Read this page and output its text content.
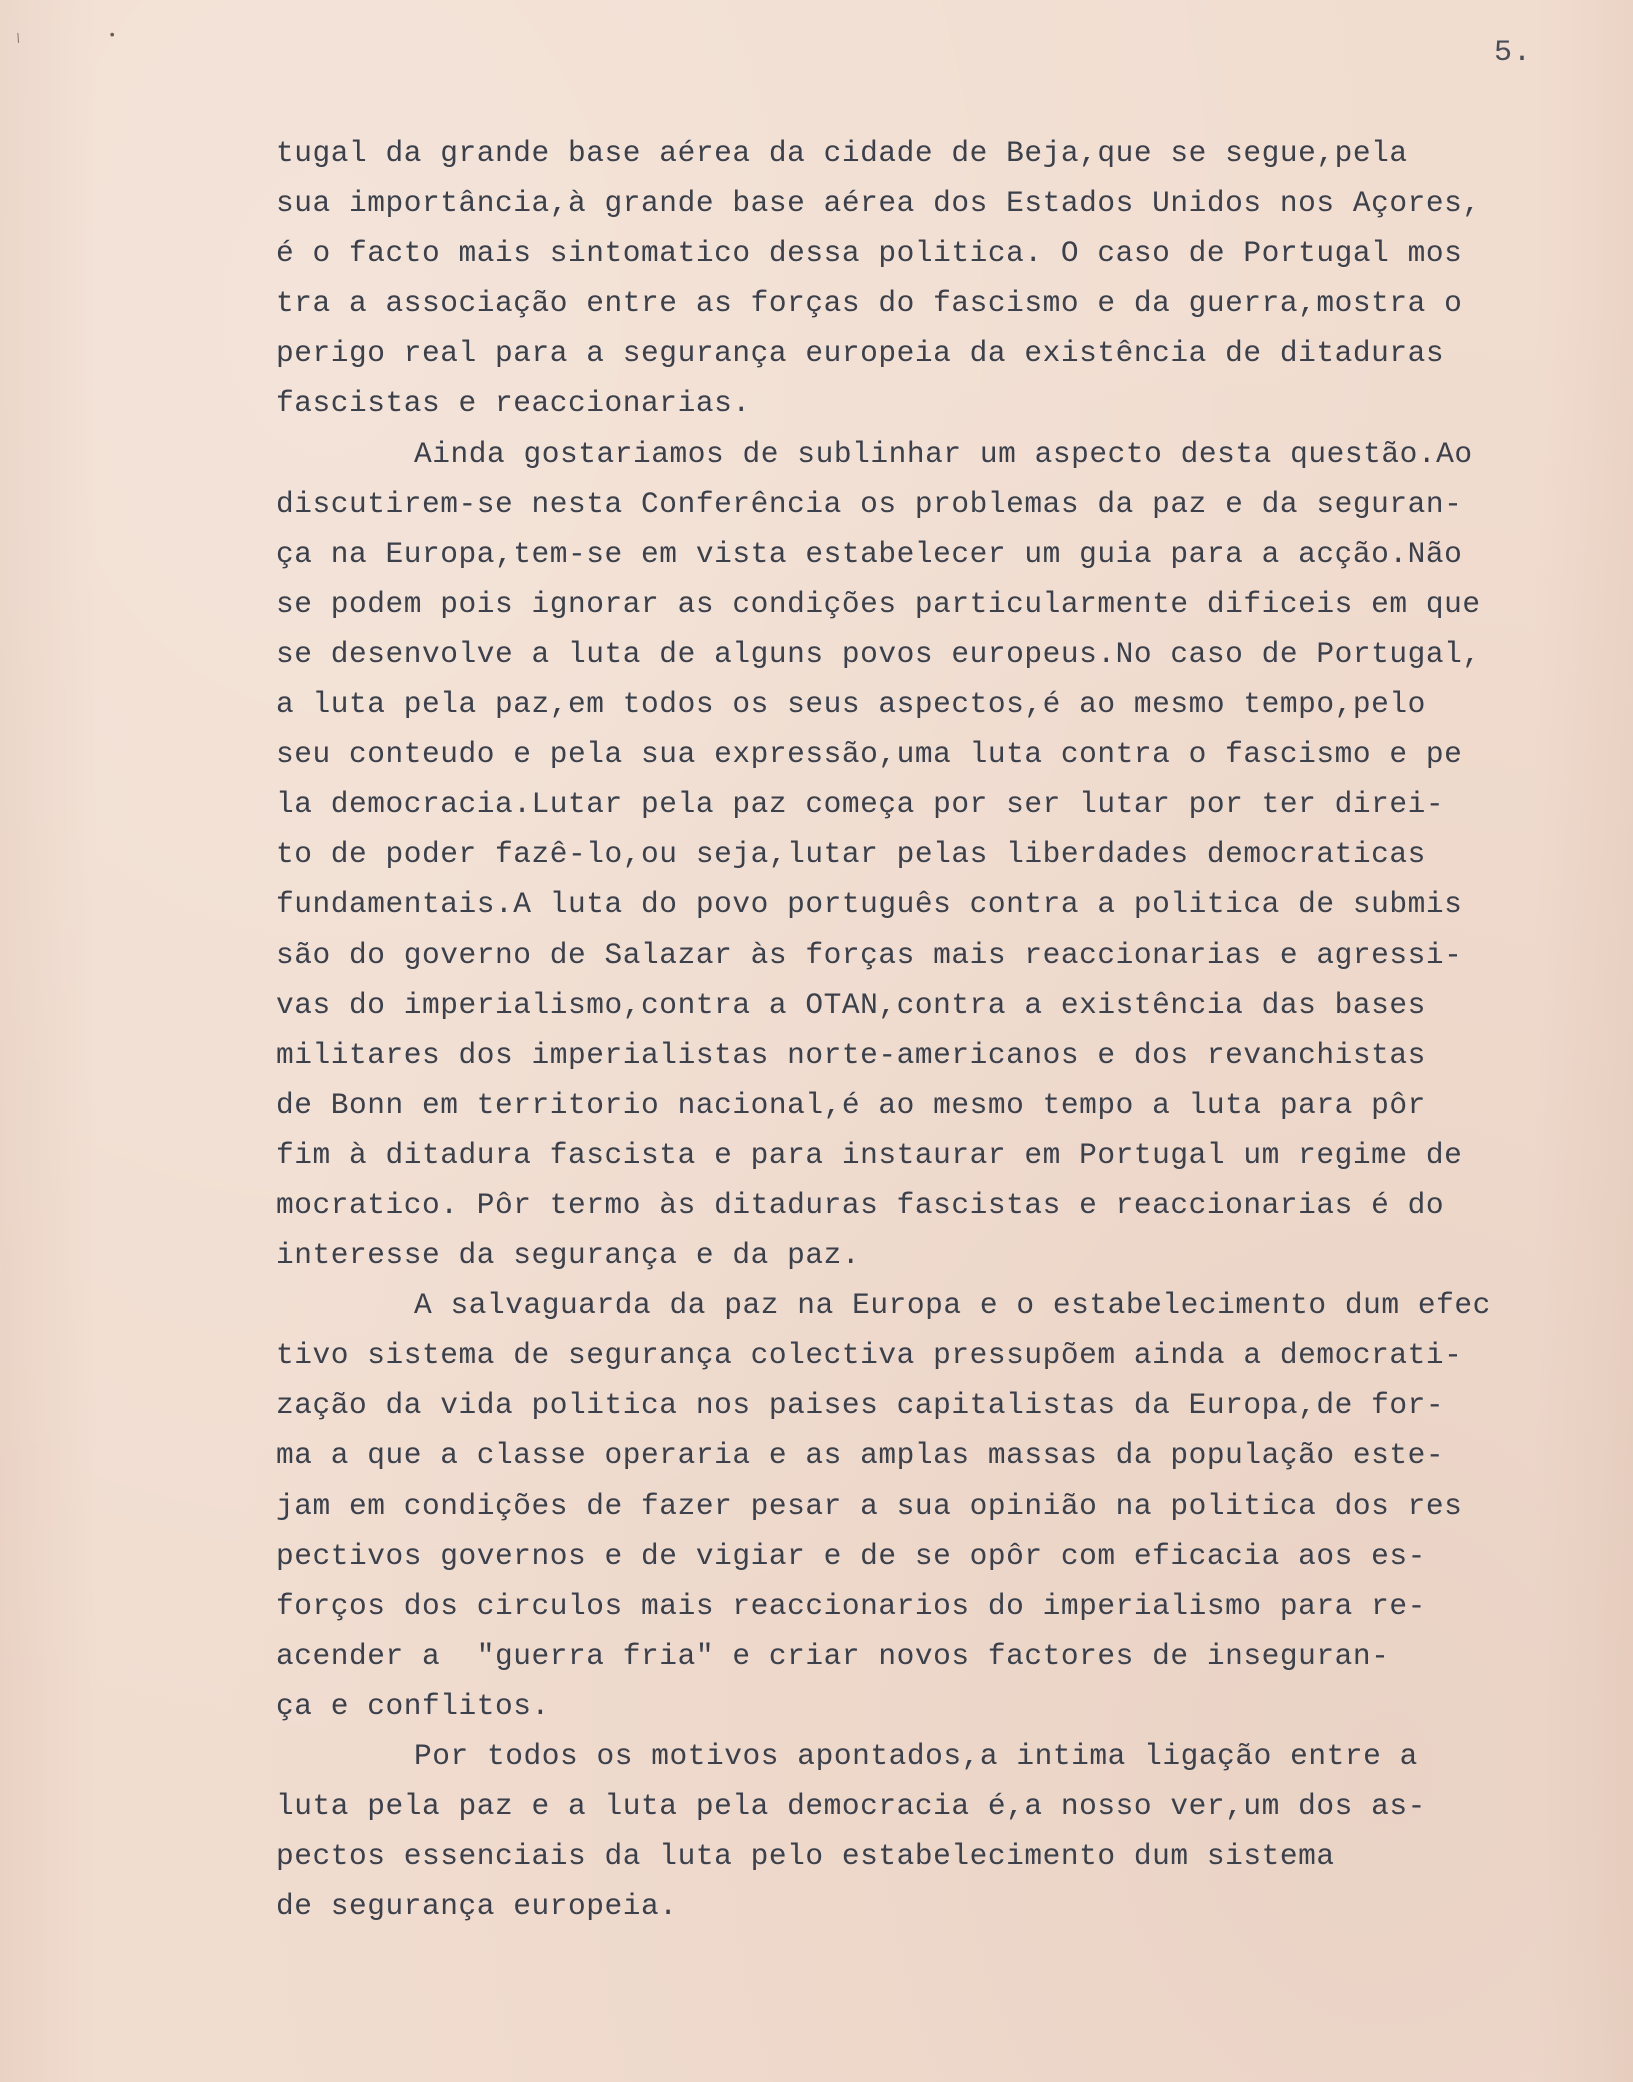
\	•	5.
tugal da grande base aérea da cidade de Beja,que se segue,pela
sua importância,à grande base aérea dos Estados Unidos nos Açores,
é o facto mais sintomatico dessa politica. O caso de Portugal mos
tra a associação entre as forças do fascismo e da guerra,mostra o
perigo real para a segurança europeia da existência de ditaduras
fascistas e reaccionarias.
Ainda gostariamos de sublinhar um aspecto desta questão.Ao
discutirem-se nesta Conferência os problemas da paz e da seguran-
ça na Europa,tem-se em vista estabelecer um guia para a acção.Não
se podem pois ignorar as condições particularmente dificeis em que
se desenvolve a luta de alguns povos europeus.No caso de Portugal,
a luta pela paz,em todos os seus aspectos,é ao mesmo tempo,pelo
seu conteudo e pela sua expressão,uma luta contra o fascismo e pe
la democracia.Lutar pela paz começa por ser lutar por ter direi-
to de poder fazê-lo,ou seja,lutar pelas liberdades democraticas
fundamentais.A luta do povo português contra a politica de submis
são do governo de Salazar às forças mais reaccionarias e agressi-
vas do imperialismo,contra a OTAN,contra a existência das bases
militares dos imperialistas norte-americanos e dos revanchistas
de Bonn em territorio nacional,é ao mesmo tempo a luta para pôr
fim à ditadura fascista e para instaurar em Portugal um regime de
mocratico. Pôr termo às ditaduras fascistas e reaccionarias é do
interesse da segurança e da paz.
A salvaguarda da paz na Europa e o estabelecimento dum efec
tivo sistema de segurança colectiva pressupõem ainda a democrati-
zação da vida politica nos paises capitalistas da Europa,de for-
ma a que a classe operaria e as amplas massas da população este-
jam em condições de fazer pesar a sua opinião na politica dos res
pectivos governos e de vigiar e de se opôr com eficacia aos es-
forços dos circulos mais reaccionarios do imperialismo para re-
acender a  "guerra fria" e criar novos factores de inseguran-
ça e conflitos.
Por todos os motivos apontados,a intima ligação entre a
luta pela paz e a luta pela democracia é,a nosso ver,um dos as-
pectos essenciais da luta pelo estabelecimento dum sistema
de segurança europeia.
